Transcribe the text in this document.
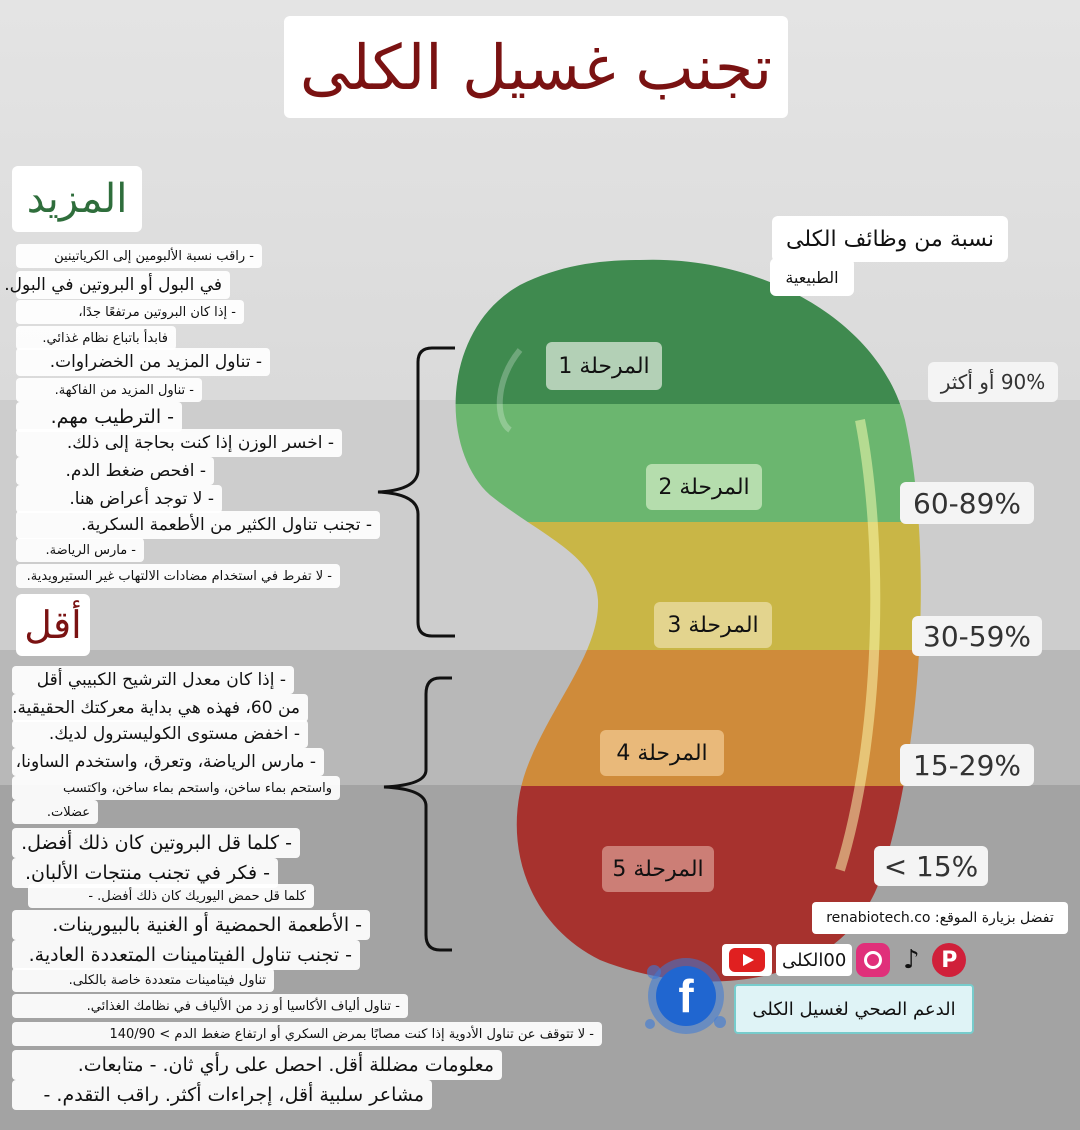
تجنب غسيل الكلى
المزيد
أقل
- راقب نسبة الألبومين إلى الكرياتينين
في البول أو البروتين في البول.
- إذا كان البروتين مرتفعًا جدًا،
فابدأ باتباع نظام غذائي.
- تناول المزيد من الخضراوات.
- تناول المزيد من الفاكهة.
- الترطيب مهم.
- اخسر الوزن إذا كنت بحاجة إلى ذلك.
- افحص ضغط الدم.
- لا توجد أعراض هنا.
- تجنب تناول الكثير من الأطعمة السكرية.
- مارس الرياضة.
- لا تفرط في استخدام مضادات الالتهاب غير الستيرويدية.
- إذا كان معدل الترشيح الكبيبي أقل
من 60، فهذه هي بداية معركتك الحقيقية.
- اخفض مستوى الكوليسترول لديك.
- مارس الرياضة، وتعرق، واستخدم الساونا،
واستحم بماء ساخن، واستحم بماء ساخن، واكتسب
عضلات.
- كلما قل البروتين كان ذلك أفضل.
- فكر في تجنب منتجات الألبان.
كلما قل حمض اليوريك كان ذلك أفضل. -
- الأطعمة الحمضية أو الغنية بالبيورينات.
- تجنب تناول الفيتامينات المتعددة العادية.
تناول فيتامينات متعددة خاصة بالكلى.
- تناول ألياف الأكاسيا أو زد من الألياف في نظامك الغذائي.
- لا تتوقف عن تناول الأدوية إذا كنت مصابًا بمرض السكري أو ارتفاع ضغط الدم > 140/90
معلومات مضللة أقل. احصل على رأي ثان. - متابعات.
مشاعر سلبية أقل، إجراءات أكثر. راقب التقدم. -
نسبة من وظائف الكلى
الطبيعية
المرحلة 1
المرحلة 2
المرحلة 3
المرحلة 4
المرحلة 5
90% أو أكثر
60-89%
30-59%
15-29%
< 15%
تفضل بزيارة الموقع: renabiotech.co
00الكلى	♪ P
f	الدعم الصحي لغسيل الكلى
